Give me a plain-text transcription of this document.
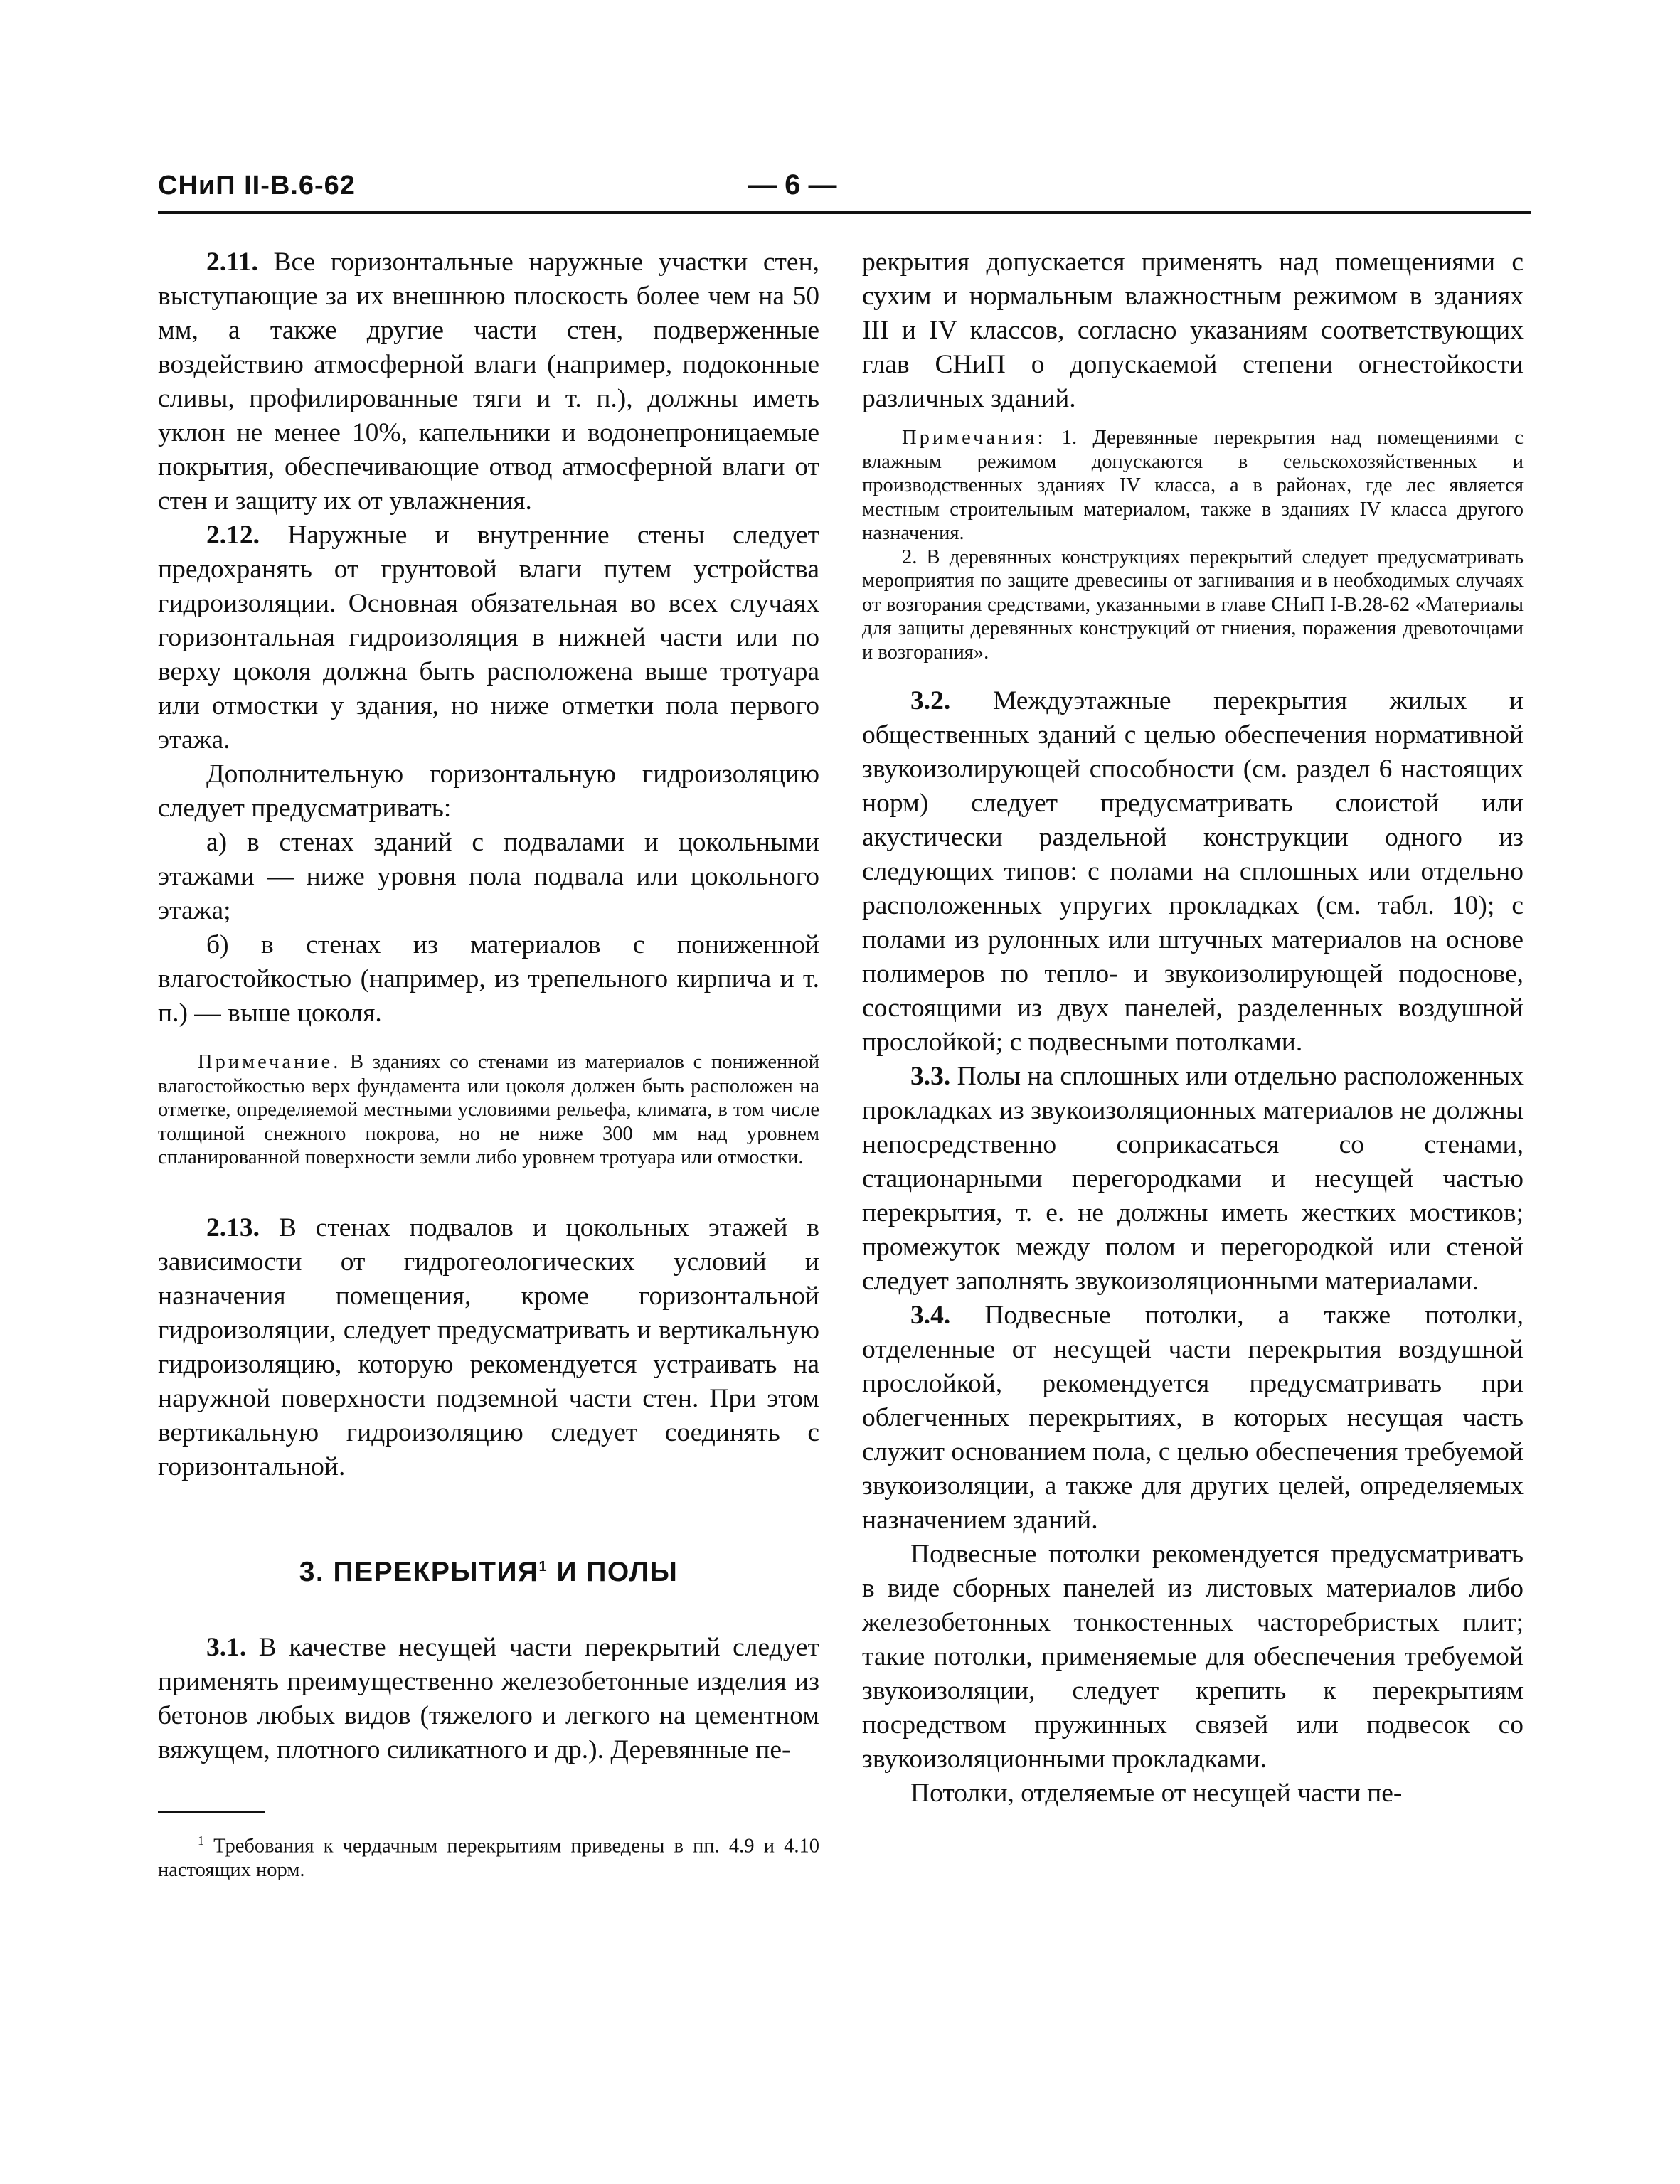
СНиП II-В.6-62	— 6 —

2.11. Все горизонтальные наружные участки стен, выступающие за их внешнюю плоскость более чем на 50 мм, а также другие части стен, подверженные воздействию атмосферной влаги (например, подоконные сливы, профилированные тяги и т. п.), должны иметь уклон не менее 10%, капельники и водонепроницаемые покрытия, обеспечивающие отвод атмосферной влаги от стен и защиту их от увлажнения.

2.12. Наружные и внутренние стены следует предохранять от грунтовой влаги путем устройства гидроизоляции. Основная обязательная во всех случаях горизонтальная гидроизоляция в нижней части или по верху цоколя должна быть расположена выше тротуара или отмостки у здания, но ниже отметки пола первого этажа.

Дополнительную горизонтальную гидроизоляцию следует предусматривать:

а) в стенах зданий с подвалами и цокольными этажами — ниже уровня пола подвала или цокольного этажа;

б) в стенах из материалов с пониженной влагостойкостью (например, из трепельного кирпича и т. п.) — выше цоколя.

Примечание. В зданиях со стенами из материалов с пониженной влагостойкостью верх фундамента или цоколя должен быть расположен на отметке, определяемой местными условиями рельефа, климата, в том числе толщиной снежного покрова, но не ниже 300 мм над уровнем спланированной поверхности земли либо уровнем тротуара или отмостки.

2.13. В стенах подвалов и цокольных этажей в зависимости от гидрогеологических условий и назначения помещения, кроме горизонтальной гидроизоляции, следует предусматривать и вертикальную гидроизоляцию, которую рекомендуется устраивать на наружной поверхности подземной части стен. При этом вертикальную гидроизоляцию следует соединять с горизонтальной.

3. ПЕРЕКРЫТИЯ$^1$ И ПОЛЫ

3.1. В качестве несущей части перекрытий следует применять преимущественно железобетонные изделия из бетонов любых видов (тяжелого и легкого на цементном вяжущем, плотного силикатного и др.). Деревянные пе-

$^1$ Требования к чердачным перекрытиям приведены в пп. 4.9 и 4.10 настоящих норм.

рекрытия допускается применять над помещениями с сухим и нормальным влажностным режимом в зданиях III и IV классов, согласно указаниям соответствующих глав СНиП о допускаемой степени огнестойкости различных зданий.

Примечания: 1. Деревянные перекрытия над помещениями с влажным режимом допускаются в сельскохозяйственных и производственных зданиях IV класса, а в районах, где лес является местным строительным материалом, также в зданиях IV класса другого назначения.

2. В деревянных конструкциях перекрытий следует предусматривать мероприятия по защите древесины от загнивания и в необходимых случаях от возгорания средствами, указанными в главе СНиП I-В.28-62 «Материалы для защиты деревянных конструкций от гниения, поражения древоточцами и возгорания».

3.2. Междуэтажные перекрытия жилых и общественных зданий с целью обеспечения нормативной звукоизолирующей способности (см. раздел 6 настоящих норм) следует предусматривать слоистой или акустически раздельной конструкции одного из следующих типов: с полами на сплошных или отдельно расположенных упругих прокладках (см. табл. 10); с полами из рулонных или штучных материалов на основе полимеров по тепло- и звукоизолирующей подоснове, состоящими из двух панелей, разделенных воздушной прослойкой; с подвесными потолками.

3.3. Полы на сплошных или отдельно расположенных прокладках из звукоизоляционных материалов не должны непосредственно соприкасаться со стенами, стационарными перегородками и несущей частью перекрытия, т. е. не должны иметь жестких мостиков; промежуток между полом и перегородкой или стеной следует заполнять звукоизоляционными материалами.

3.4. Подвесные потолки, а также потолки, отделенные от несущей части перекрытия воздушной прослойкой, рекомендуется предусматривать при облегченных перекрытиях, в которых несущая часть служит основанием пола, с целью обеспечения требуемой звукоизоляции, а также для других целей, определяемых назначением зданий.

Подвесные потолки рекомендуется предусматривать в виде сборных панелей из листовых материалов либо железобетонных тонкостенных часторебристых плит; такие потолки, применяемые для обеспечения требуемой звукоизоляции, следует крепить к перекрытиям посредством пружинных связей или подвесок со звукоизоляционными прокладками.

Потолки, отделяемые от несущей части пе-
